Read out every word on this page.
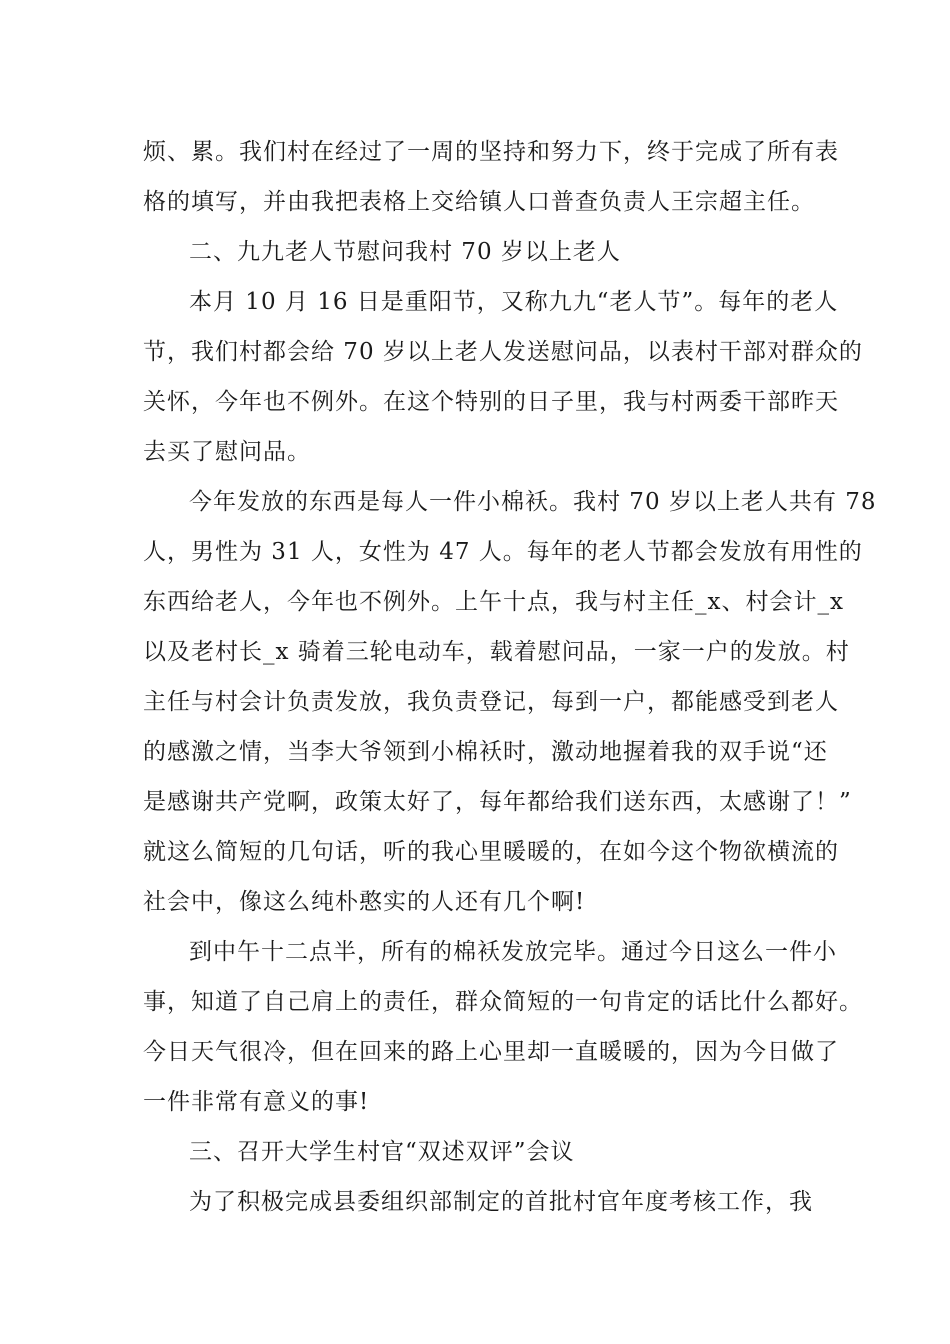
烦、累。我们村在经过了一周的坚持和努力下，终于完成了所有表
格的填写，并由我把表格上交给镇人口普查负责人王宗超主任。
二、九九老人节慰问我村 70 岁以上老人
本月 10 月 16 日是重阳节，又称九九“老人节”。每年的老人
节，我们村都会给 70 岁以上老人发送慰问品，以表村干部对群众的
关怀，今年也不例外。在这个特别的日子里，我与村两委干部昨天
去买了慰问品。
今年发放的东西是每人一件小棉袄。我村 70 岁以上老人共有 78
人，男性为 31 人，女性为 47 人。每年的老人节都会发放有用性的
东西给老人，今年也不例外。上午十点，我与村主任_x、村会计_x
以及老村长_x 骑着三轮电动车，载着慰问品，一家一户的发放。村
主任与村会计负责发放，我负责登记，每到一户，都能感受到老人
的感激之情，当李大爷领到小棉袄时，激动地握着我的双手说“还
是感谢共产党啊，政策太好了，每年都给我们送东西，太感谢了！”
就这么简短的几句话，听的我心里暖暖的，在如今这个物欲横流的
社会中，像这么纯朴憨实的人还有几个啊!
到中午十二点半，所有的棉袄发放完毕。通过今日这么一件小
事，知道了自己肩上的责任，群众简短的一句肯定的话比什么都好。
今日天气很冷，但在回来的路上心里却一直暖暖的，因为今日做了
一件非常有意义的事!
三、召开大学生村官“双述双评”会议
为了积极完成县委组织部制定的首批村官年度考核工作，我
